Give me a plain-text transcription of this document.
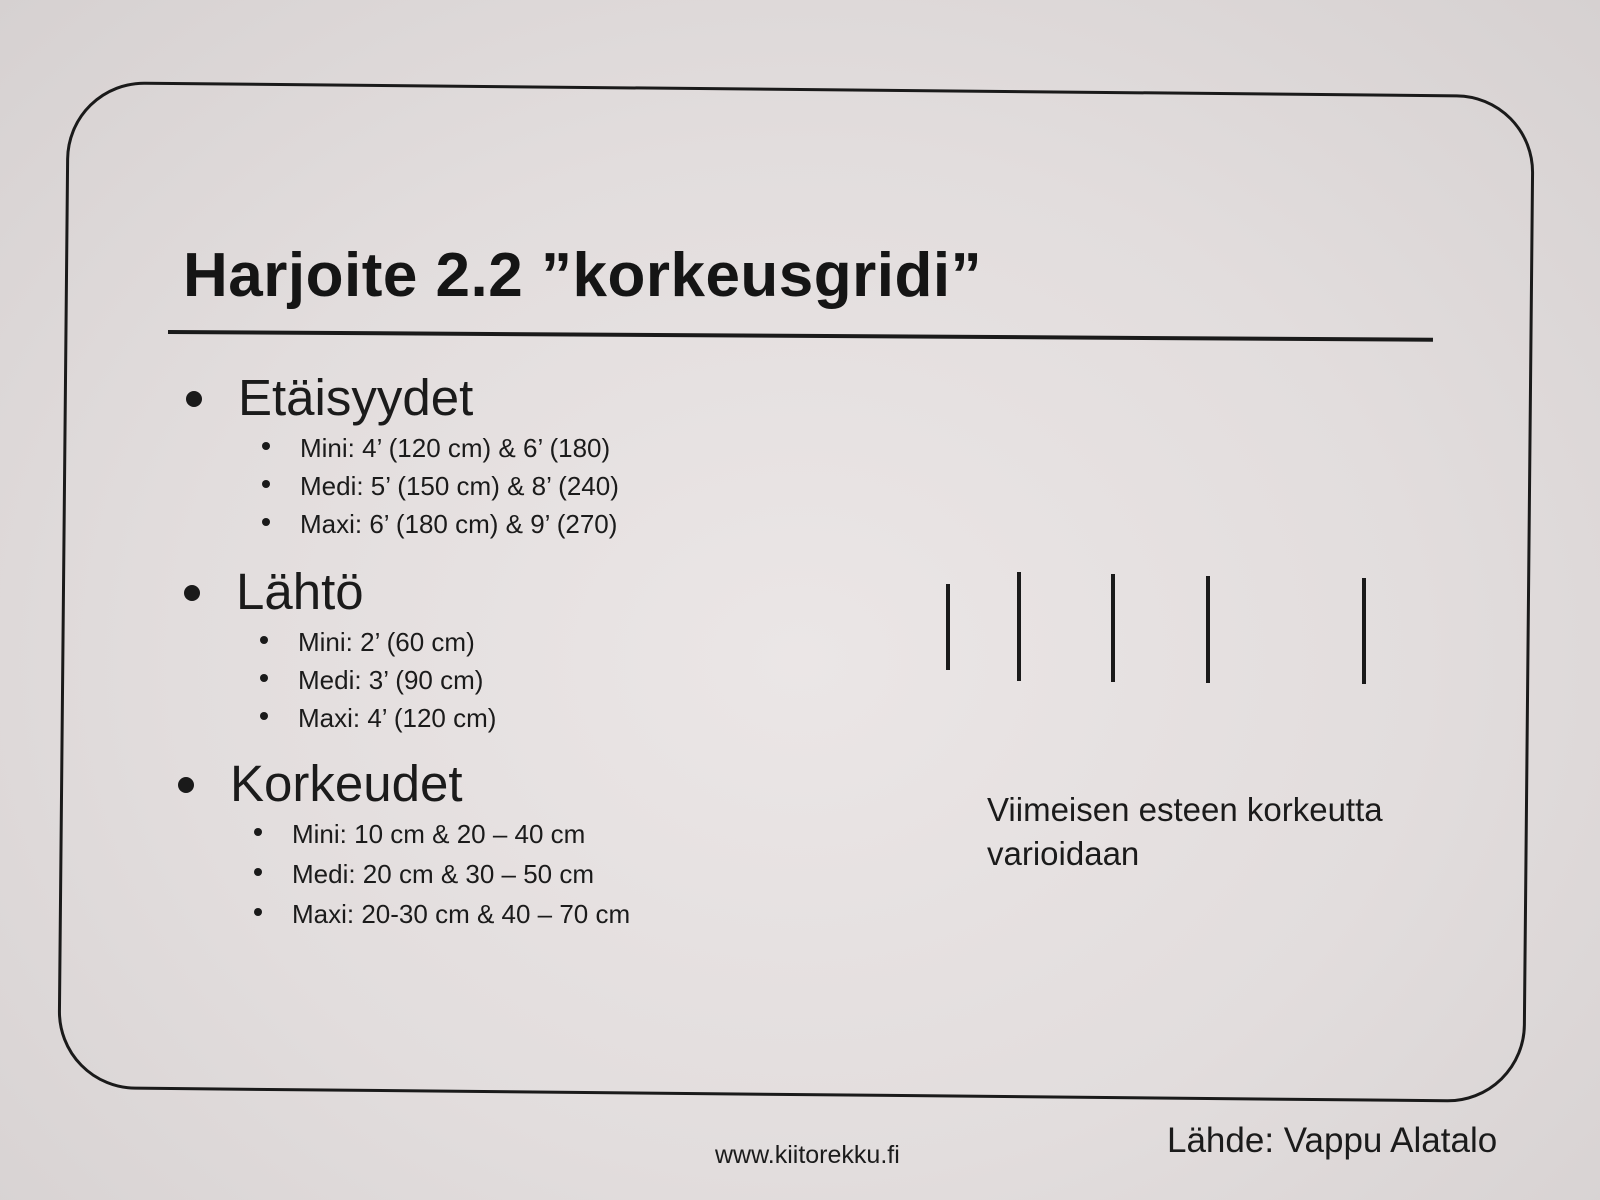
Harjoite 2.2 ”korkeusgridi”
Etäisyydet
Mini: 4’ (120 cm) & 6’ (180)
Medi: 5’ (150 cm) & 8’ (240)
Maxi: 6’ (180 cm) & 9’ (270)
Lähtö
Mini: 2’ (60 cm)
Medi: 3’ (90 cm)
Maxi: 4’ (120 cm)
Korkeudet
Mini: 10 cm & 20 – 40 cm
Medi: 20 cm & 30 – 50 cm
Maxi: 20-30 cm & 40 – 70 cm
Viimeisen esteen korkeutta
varioidaan
www.kiitorekku.fi	Lähde: Vappu Alatalo
